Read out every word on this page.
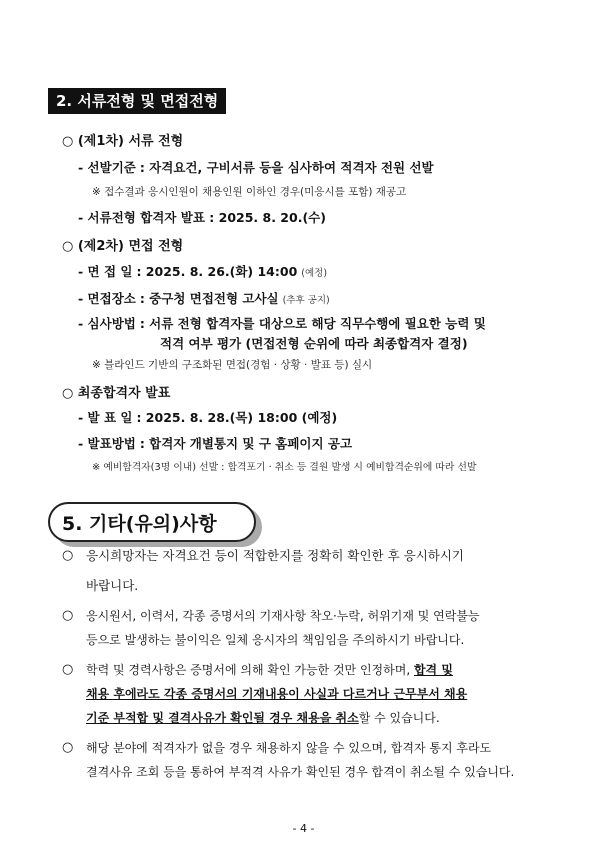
2. 서류전형 및 면접전형
○ (제1차) 서류 전형
- 선발기준 : 자격요건, 구비서류 등을 심사하여 적격자 전원 선발
※ 접수결과 응시인원이 채용인원 이하인 경우(미응시를 포함) 재공고
- 서류전형 합격자 발표 : 2025. 8. 20.(수)
○ (제2차) 면접 전형
- 면 접 일 : 2025. 8. 26.(화) 14:00 (예정)
- 면접장소 : 중구청 면접전형 고사실 (추후 공지)
- 심사방법 : 서류 전형 합격자를 대상으로 해당 직무수행에 필요한 능력 및
적격 여부 평가 (면접전형 순위에 따라 최종합격자 결정)
※ 블라인드 기반의 구조화된 면접(경험 · 상황 · 발표 등) 실시
○ 최종합격자 발표
- 발 표 일 : 2025. 8. 28.(목) 18:00 (예정)
- 발표방법 : 합격자 개별통지 및 구 홈페이지 공고
※ 예비합격자(3명 이내) 선발 : 합격포기 · 취소 등 결원 발생 시 예비합격순위에 따라 선발
5. 기타(유의)사항
○ 응시희망자는 자격요건 등이 적합한지를 정확히 확인한 후 응시하시기
바랍니다.
○ 응시원서, 이력서, 각종 증명서의 기재사항 착오·누락, 허위기재 및 연락불능
등으로 발생하는 불이익은 일체 응시자의 책임임을 주의하시기 바랍니다.
○ 학력 및 경력사항은 증명서에 의해 확인 가능한 것만 인정하며, 합격 및
채용 후에라도 각종 증명서의 기재내용이 사실과 다르거나 근무부서 채용
기준 부적합 및 결격사유가 확인될 경우 채용을 취소할 수 있습니다.
○ 해당 분야에 적격자가 없을 경우 채용하지 않을 수 있으며, 합격자 통지 후라도
결격사유 조회 등을 통하여 부적격 사유가 확인된 경우 합격이 취소될 수 있습니다.
- 4 -
